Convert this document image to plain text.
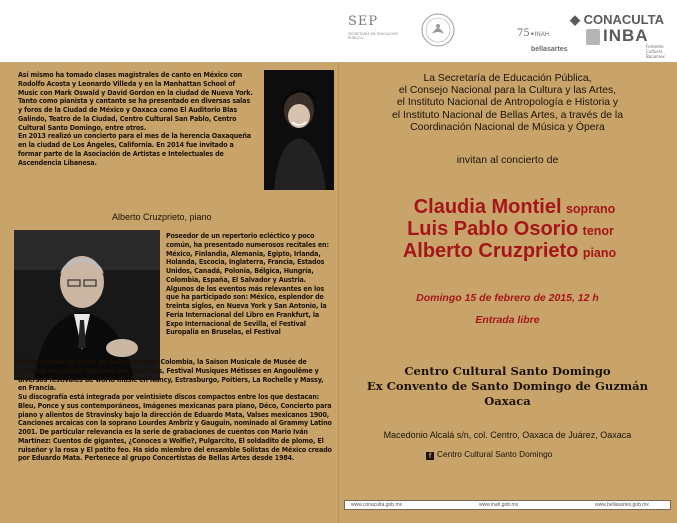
SEP
SECRETARÍA DE EDUCACIÓN PÚBLICA
◆ CONACULTA
75✦INAH	INBA
bellasartes	Fomento Cultural Banamex

Así mismo ha tomado clases magistrales de canto en México con Rodolfo Acosta y Leonardo Villeda y en la Manhattan School of Music con Mark Oswald y David Gordon en la ciudad de Nueva York.

Tanto como pianista y cantante se ha presentado en diversas salas y foros de la Ciudad de México y Oaxaca como El Auditorio Blas Galindo, Teatro de la Ciudad, Centro Cultural San Pablo, Centro Cultural Santo Domingo, entre otros.

En 2013 realizó un concierto para el mes de la herencia Oaxaqueña en la ciudad de Los Ángeles, California. En 2014 fue invitado a formar parte de la Asociación de Artistas e Intelectuales de Ascendencia Libanesa.

Alberto Cruzprieto, piano

Poseedor de un repertorio ecléctico y poco común, ha presentado numerosos recitales en: México, Finlandia, Alemania, Egipto, Irlanda, Holanda, Escocia, Inglaterra, Francia, Estados Unidos, Canadá, Polonia, Bélgica, Hungría, Colombia, España, El Salvador y Austria.

Algunos de los eventos más relevantes en los que ha participado son: México, esplendor de treinta siglos, en Nueva York y San Antonio, la Feria Internacional del Libro en Frankfurt, la Expo Internacional de Sevilla, el Festival Europalia en Bruselas, el Festival

Internacional de Piano en Bucaramanga, Colombia, la Saison Musicale de Musée de L'Armée en L'Hôtel National des Invalides, Festival Musiques Métisses en Angoulême y diversos festivales de world music en Nancy, Estrasburgo, Poitiers, La Rochelle y Massy, en Francia.

Su discografía está integrada por veintisiete discos compactos entre los que destacan: Bleu, Ponce y sus contemporáneos, Imágenes mexicanas para piano, Déco, Concierto para piano y alientos de Stravinsky bajo la dirección de Eduardo Mata, Valses mexicanos 1900, Canciones arcaicas con la soprano Lourdes Ambriz y Gauguin, nominado al Grammy Latino 2001. De particular relevancia es la serie de grabaciones de cuentos con Mario Iván Martínez: Cuentos de gigantes, ¿Conoces a Wolfie?, Pulgarcito, El soldadito de plomo, El ruiseñor y la rosa y El patito feo. Ha sido miembro del ensamble Solistas de México creado por Eduardo Mata. Pertenece al grupo Concertistas de Bellas Artes desde 1984.

La Secretaría de Educación Pública,
el Consejo Nacional para la Cultura y las Artes,
el Instituto Nacional de Antropología e Historia y
el Instituto Nacional de Bellas Artes, a través de la
Coordinación Nacional de Música y Ópera
invitan al concierto de
Claudia Montiel soprano
Luis Pablo Osorio tenor
Alberto Cruzprieto piano
Domingo 15 de febrero de 2015, 12 h
Entrada libre
Centro Cultural Santo Domingo
Ex Convento de Santo Domingo de Guzmán
Oaxaca
Macedonio Alcalá s/n, col. Centro, Oaxaca de Juárez, Oaxaca
f Centro Cultural Santo Domingo
www.conaculta.gob.mx	www.inah.gob.mx	www.bellasartes.gob.mx
